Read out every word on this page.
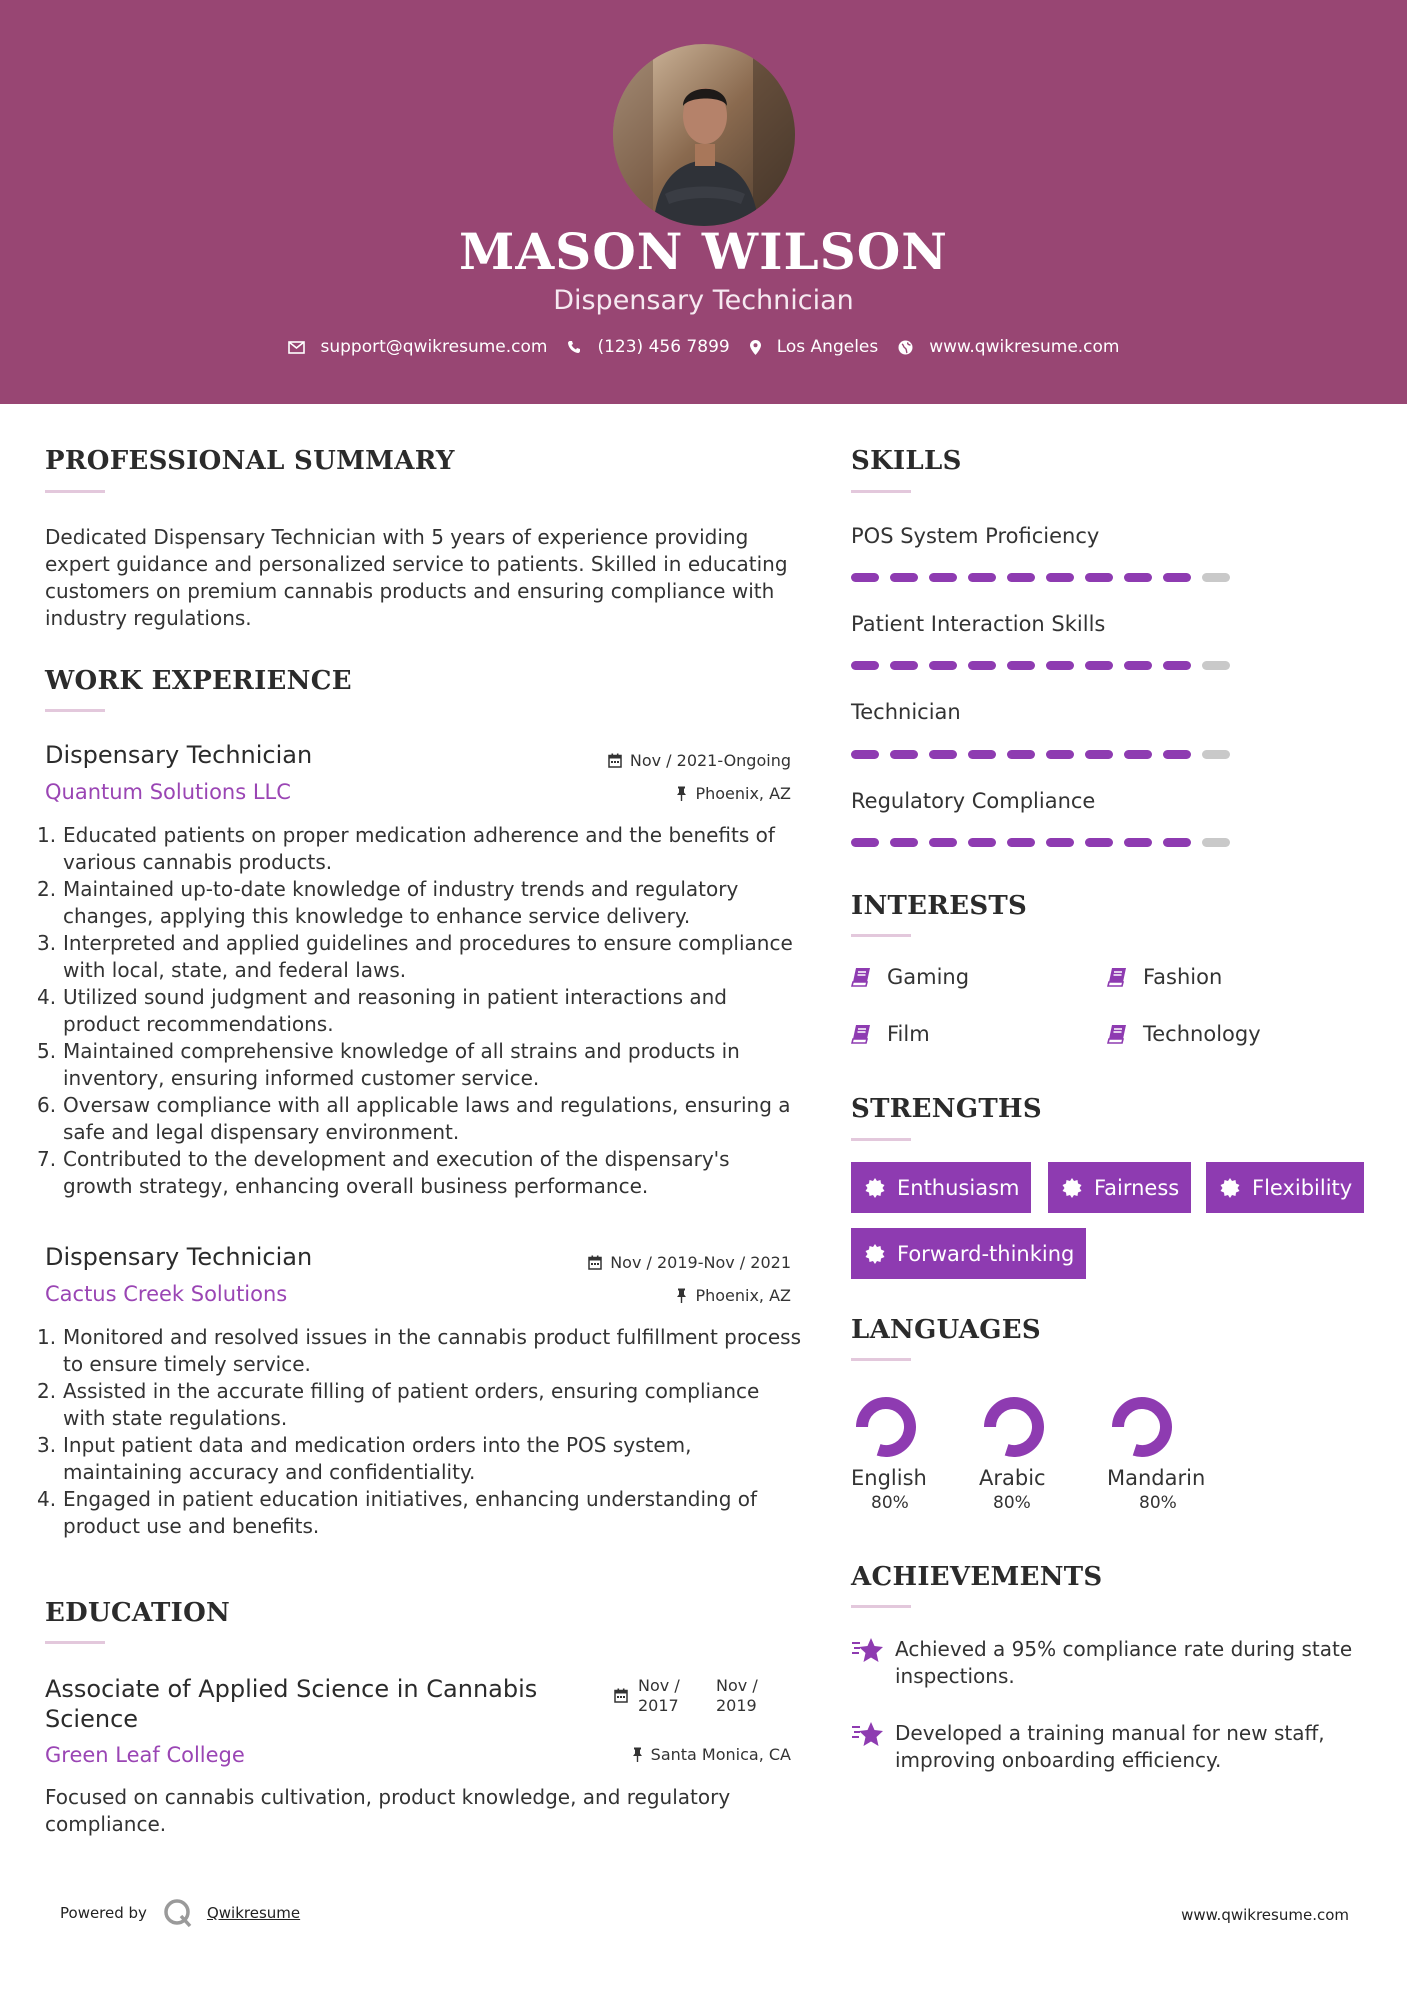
MASON WILSON
Dispensary Technician
support@qwikresume.com	(123) 456 7899	Los Angeles	www.qwikresume.com
PROFESSIONAL SUMMARY
Dedicated Dispensary Technician with 5 years of experience providing expert guidance and personalized service to patients. Skilled in educating customers on premium cannabis products and ensuring compliance with industry regulations.
WORK EXPERIENCE
Dispensary Technician
Quantum Solutions LLC
Nov / 2021-Ongoing
Phoenix, AZ
1. Educated patients on proper medication adherence and the benefits of various cannabis products.
2. Maintained up-to-date knowledge of industry trends and regulatory changes, applying this knowledge to enhance service delivery.
3. Interpreted and applied guidelines and procedures to ensure compliance with local, state, and federal laws.
4. Utilized sound judgment and reasoning in patient interactions and product recommendations.
5. Maintained comprehensive knowledge of all strains and products in inventory, ensuring informed customer service.
6. Oversaw compliance with all applicable laws and regulations, ensuring a safe and legal dispensary environment.
7. Contributed to the development and execution of the dispensary's growth strategy, enhancing overall business performance.
Dispensary Technician
Cactus Creek Solutions
Nov / 2019-Nov / 2021
Phoenix, AZ
1. Monitored and resolved issues in the cannabis product fulfillment process to ensure timely service.
2. Assisted in the accurate filling of patient orders, ensuring compliance with state regulations.
3. Input patient data and medication orders into the POS system, maintaining accuracy and confidentiality.
4. Engaged in patient education initiatives, enhancing understanding of product use and benefits.
EDUCATION
Associate of Applied Science in Cannabis Science
Green Leaf College
Nov / 2017
Nov / 2019
Santa Monica, CA
Focused on cannabis cultivation, product knowledge, and regulatory compliance.
SKILLS
POS System Proficiency
Patient Interaction Skills
Technician
Regulatory Compliance
INTERESTS
Gaming	Fashion
Film	Technology
STRENGTHS
Enthusiasm	Fairness	Flexibility
Forward-thinking
LANGUAGES
English
80%
Arabic
80%
Mandarin
80%
ACHIEVEMENTS
Achieved a 95% compliance rate during state inspections.
Developed a training manual for new staff, improving onboarding efficiency.
Powered by	Qwikresume	www.qwikresume.com
